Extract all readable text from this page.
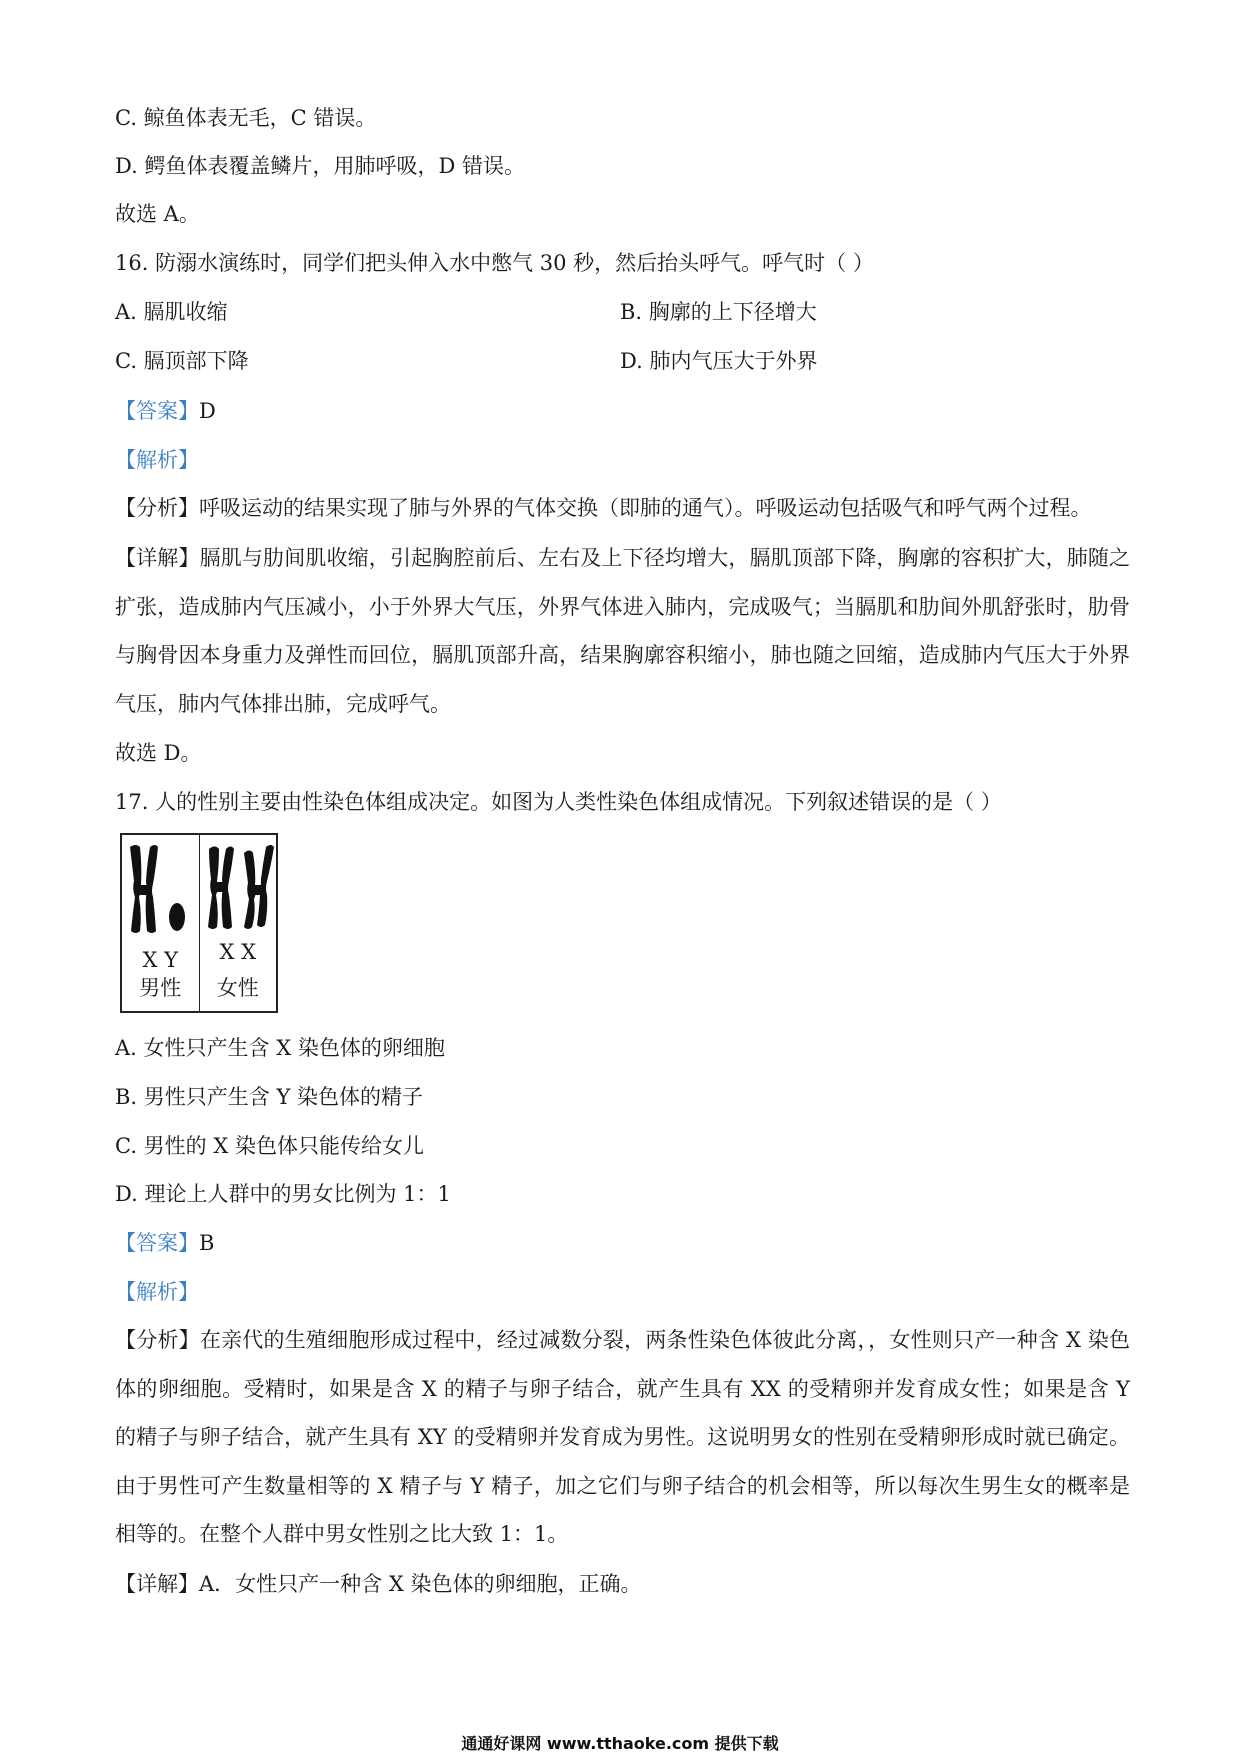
C. 鲸鱼体表无毛，C 错误。
D. 鳄鱼体表覆盖鳞片，用肺呼吸，D 错误。
故选 A。
16. 防溺水演练时，同学们把头伸入水中憋气 30 秒，然后抬头呼气。呼气时（ ）
A. 膈肌收缩	B. 胸廓的上下径增大
C. 膈顶部下降	D. 肺内气压大于外界
【答案】D
【解析】
【分析】呼吸运动的结果实现了肺与外界的气体交换（即肺的通气）。呼吸运动包括吸气和呼气两个过程。
【详解】膈肌与肋间肌收缩，引起胸腔前后、左右及上下径均增大，膈肌顶部下降，胸廓的容积扩大，肺随之扩张，造成肺内气压减小，小于外界大气压，外界气体进入肺内，完成吸气；当膈肌和肋间外肌舒张时，肋骨与胸骨因本身重力及弹性而回位，膈肌顶部升高，结果胸廓容积缩小，肺也随之回缩，造成肺内气压大于外界气压，肺内气体排出肺，完成呼气。
故选 D。
17. 人的性别主要由性染色体组成决定。如图为人类性染色体组成情况。下列叙述错误的是（ ）
X Y
男性
X X
女性
A. 女性只产生含 X 染色体的卵细胞
B. 男性只产生含 Y 染色体的精子
C. 男性的 X 染色体只能传给女儿
D. 理论上人群中的男女比例为 1：1
【答案】B
【解析】
【分析】在亲代的生殖细胞形成过程中，经过减数分裂，两条性染色体彼此分离，，女性则只产一种含 X 染色体的卵细胞。受精时，如果是含 X 的精子与卵子结合，就产生具有 XX 的受精卵并发育成女性；如果是含 Y 的精子与卵子结合，就产生具有 XY 的受精卵并发育成为男性。这说明男女的性别在受精卵形成时就已确定。由于男性可产生数量相等的 X 精子与 Y 精子，加之它们与卵子结合的机会相等，所以每次生男生女的概率是相等的。在整个人群中男女性别之比大致 1：1。
【详解】A．女性只产一种含 X 染色体的卵细胞，正确。
通通好课网 www.tthaoke.com 提供下载
